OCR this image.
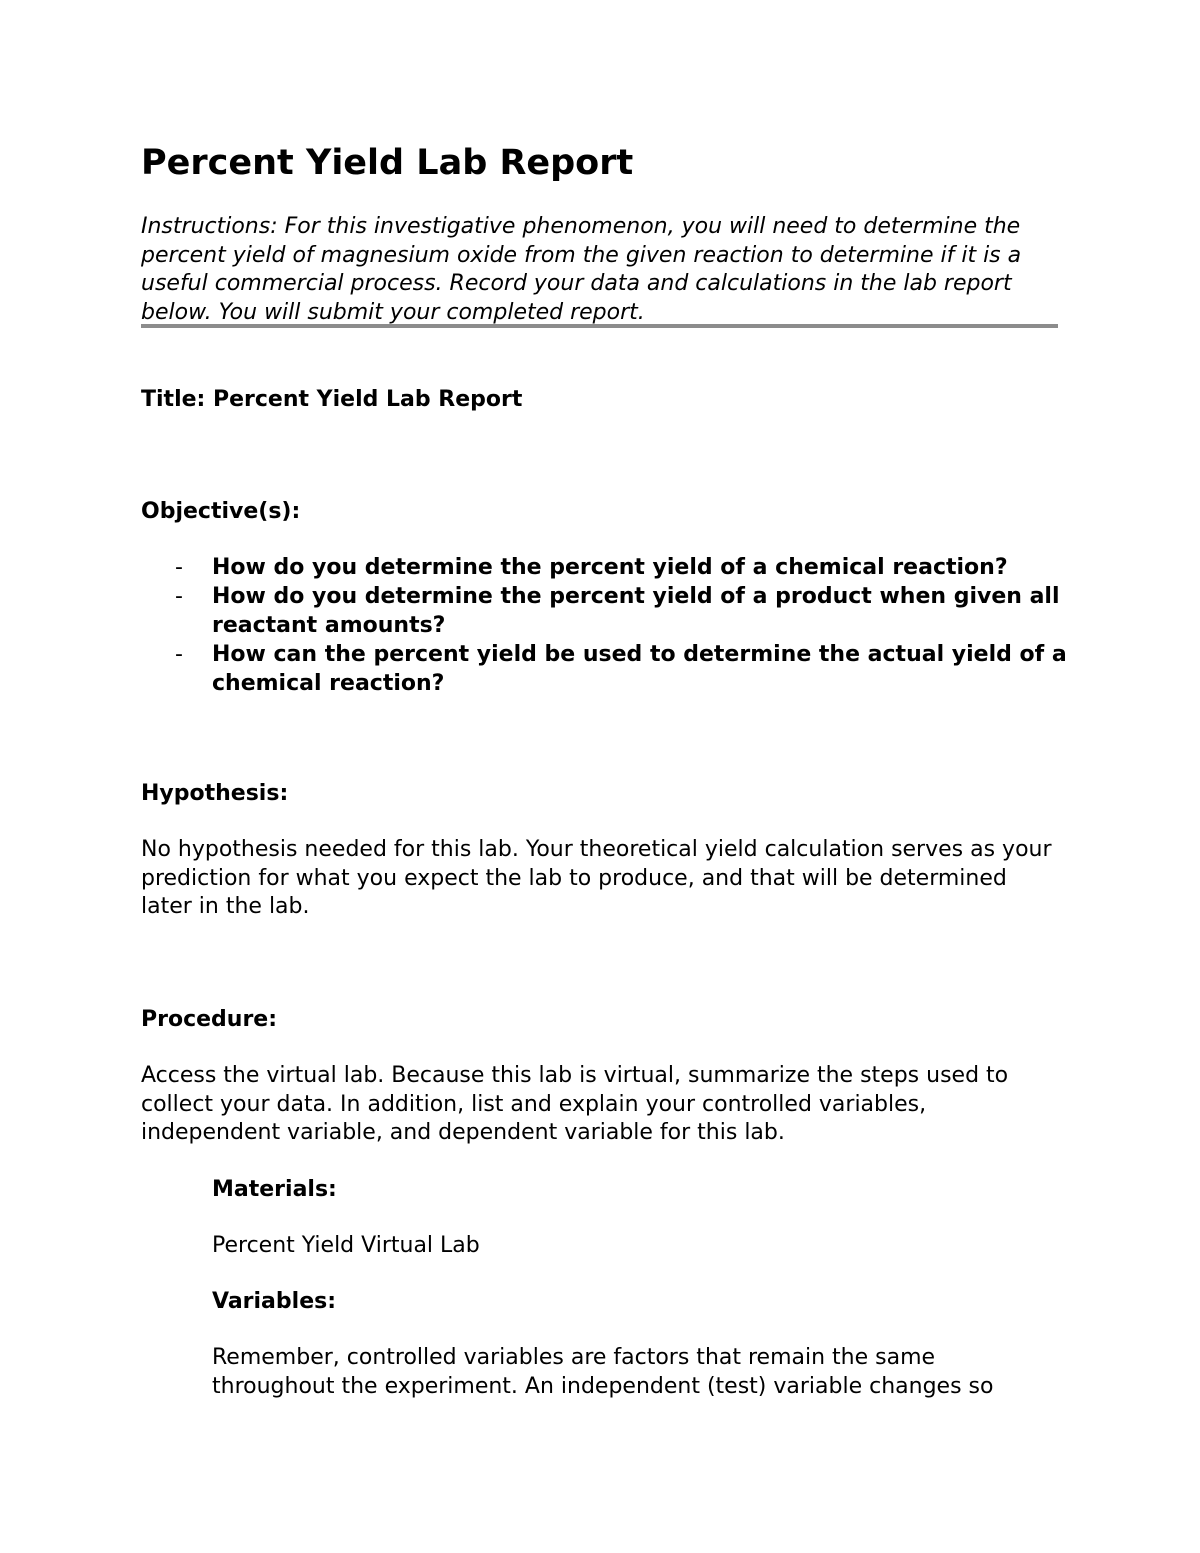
Percent Yield Lab Report

Instructions: For this investigative phenomenon, you will need to determine the percent yield of magnesium oxide from the given reaction to determine if it is a useful commercial process. Record your data and calculations in the lab report below. You will submit your completed report.

Title: Percent Yield Lab Report

Objective(s):

- How do you determine the percent yield of a chemical reaction?
- How do you determine the percent yield of a product when given all reactant amounts?
- How can the percent yield be used to determine the actual yield of a chemical reaction?

Hypothesis:

No hypothesis needed for this lab. Your theoretical yield calculation serves as your prediction for what you expect the lab to produce, and that will be determined later in the lab.

Procedure:

Access the virtual lab. Because this lab is virtual, summarize the steps used to collect your data. In addition, list and explain your controlled variables, independent variable, and dependent variable for this lab.

Materials:

Percent Yield Virtual Lab

Variables:

Remember, controlled variables are factors that remain the same throughout the experiment. An independent (test) variable changes so
